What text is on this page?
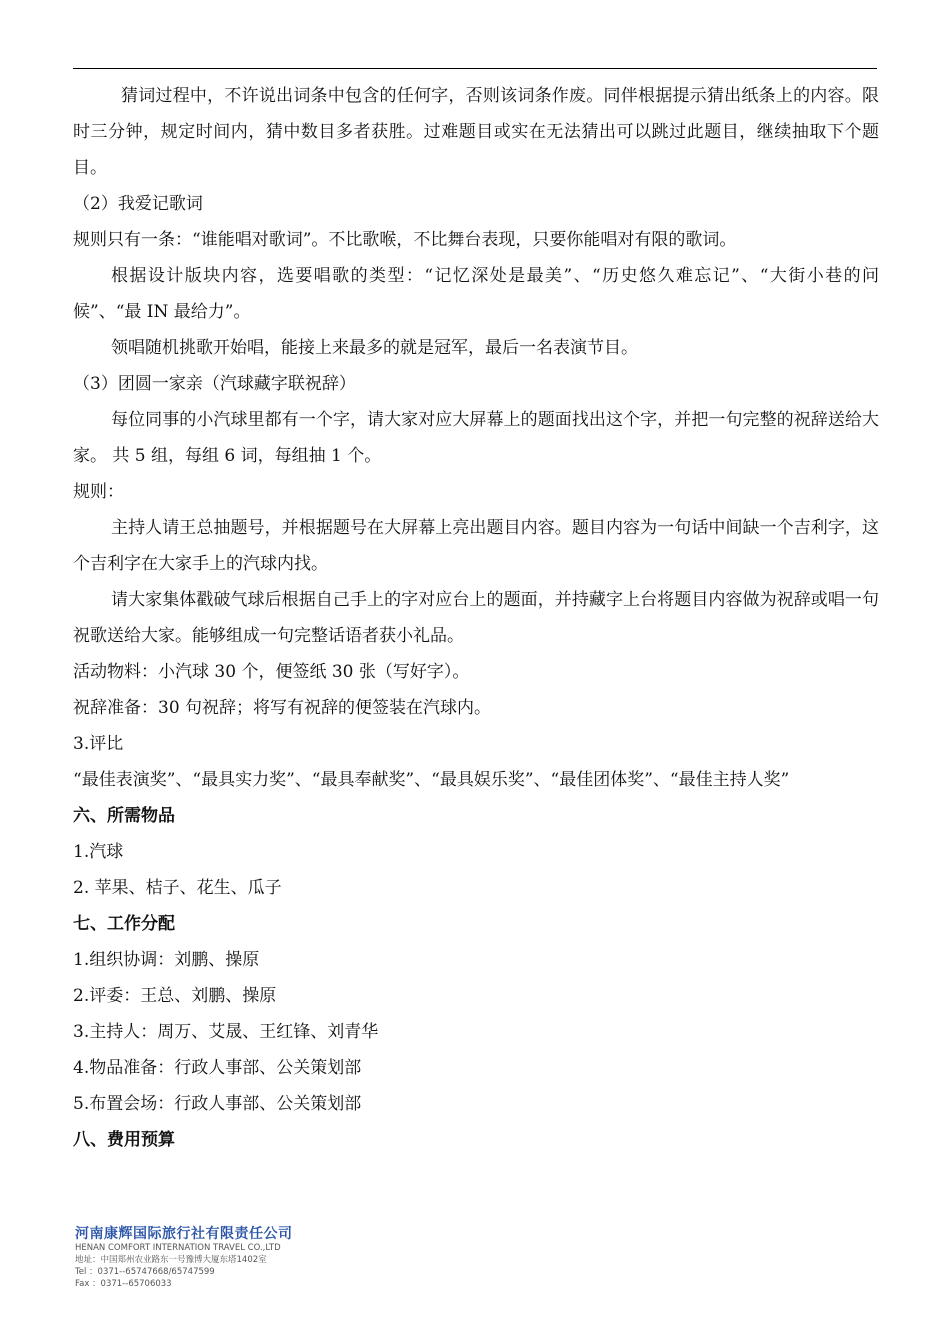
猜词过程中，不许说出词条中包含的任何字，否则该词条作废。同伴根据提示猜出纸条上的内容。限时三分钟，规定时间内，猜中数目多者获胜。过难题目或实在无法猜出可以跳过此题目，继续抽取下个题目。

（2）我爱记歌词

规则只有一条：“谁能唱对歌词”。不比歌喉，不比舞台表现，只要你能唱对有限的歌词。

根据设计版块内容，选要唱歌的类型：“记忆深处是最美”、“历史悠久难忘记”、“大街小巷的问候”、“最 IN 最给力”。

领唱随机挑歌开始唱，能接上来最多的就是冠军，最后一名表演节目。

（3）团圆一家亲（汽球藏字联祝辞）

每位同事的小汽球里都有一个字，请大家对应大屏幕上的题面找出这个字，并把一句完整的祝辞送给大家。 共 5 组，每组 6 词，每组抽 1 个。

规则：

主持人请王总抽题号，并根据题号在大屏幕上亮出题目内容。题目内容为一句话中间缺一个吉利字，这个吉利字在大家手上的汽球内找。

请大家集体戳破气球后根据自己手上的字对应台上的题面，并持藏字上台将题目内容做为祝辞或唱一句祝歌送给大家。能够组成一句完整话语者获小礼品。

活动物料：小汽球 30 个，便签纸 30 张（写好字）。

祝辞准备：30 句祝辞；将写有祝辞的便签装在汽球内。

3.评比

“最佳表演奖”、“最具实力奖”、“最具奉献奖”、“最具娱乐奖”、“最佳团体奖”、“最佳主持人奖”

六、所需物品

1.汽球

2. 苹果、桔子、花生、瓜子

七、工作分配

1.组织协调：刘鹏、操原

2.评委：王总、刘鹏、操原

3.主持人：周万、艾晟、王红锋、刘青华

4.物品准备：行政人事部、公关策划部

5.布置会场：行政人事部、公关策划部

八、费用预算

河南康辉国际旅行社有限责任公司
HENAN COMFORT INTERNATION TRAVEL CO.,LTD
地址：中国郑州农业路东一号豫博大厦东塔1402室
Tel ：0371--65747668/65747599
Fax ：0371--65706033
